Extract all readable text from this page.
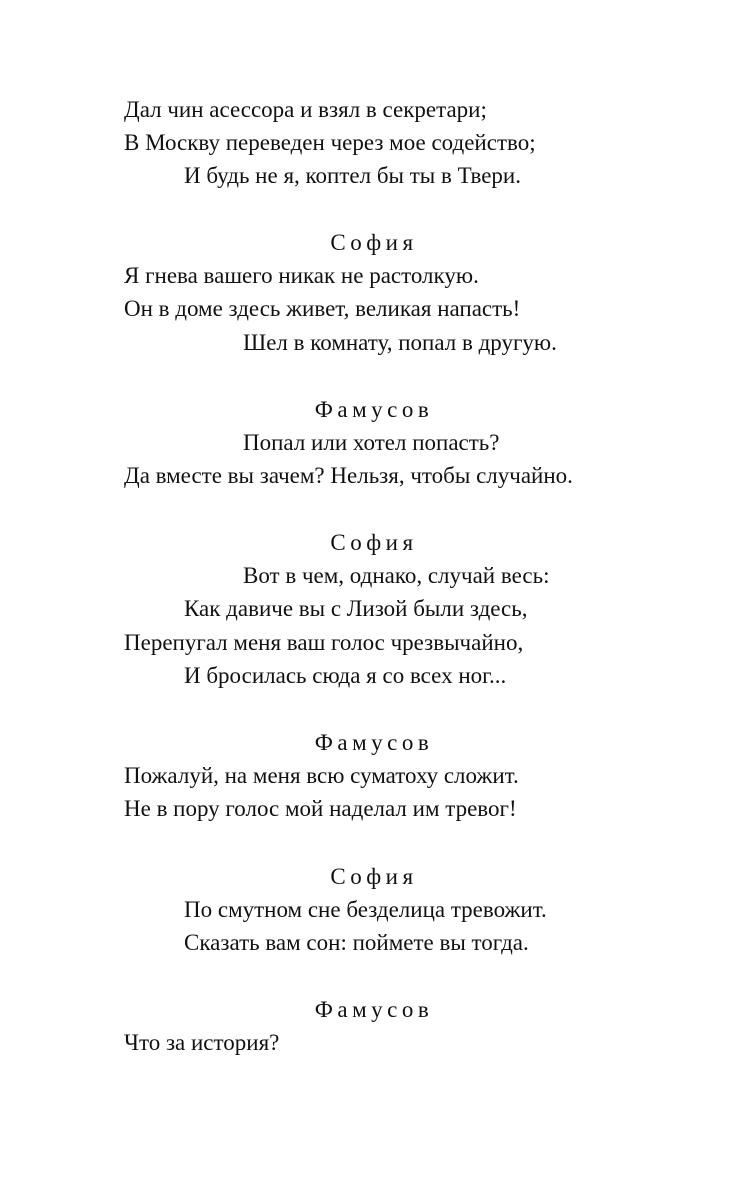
Дал чин асессора и взял в секретари;
В Москву переведен через мое содейство;
И будь не я, коптел бы ты в Твери.
София
Я гнева вашего никак не растолкую.
Он в доме здесь живет, великая напасть!
Шел в комнату, попал в другую.
Фамусов
Попал или хотел попасть?
Да вместе вы зачем? Нельзя, чтобы случайно.
София
Вот в чем, однако, случай весь:
Как давиче вы с Лизой были здесь,
Перепугал меня ваш голос чрезвычайно,
И бросилась сюда я со всех ног...
Фамусов
Пожалуй, на меня всю суматоху сложит.
Не в пору голос мой наделал им тревог!
София
По смутном сне безделица тревожит.
Сказать вам сон: поймете вы тогда.
Фамусов
Что за история?
